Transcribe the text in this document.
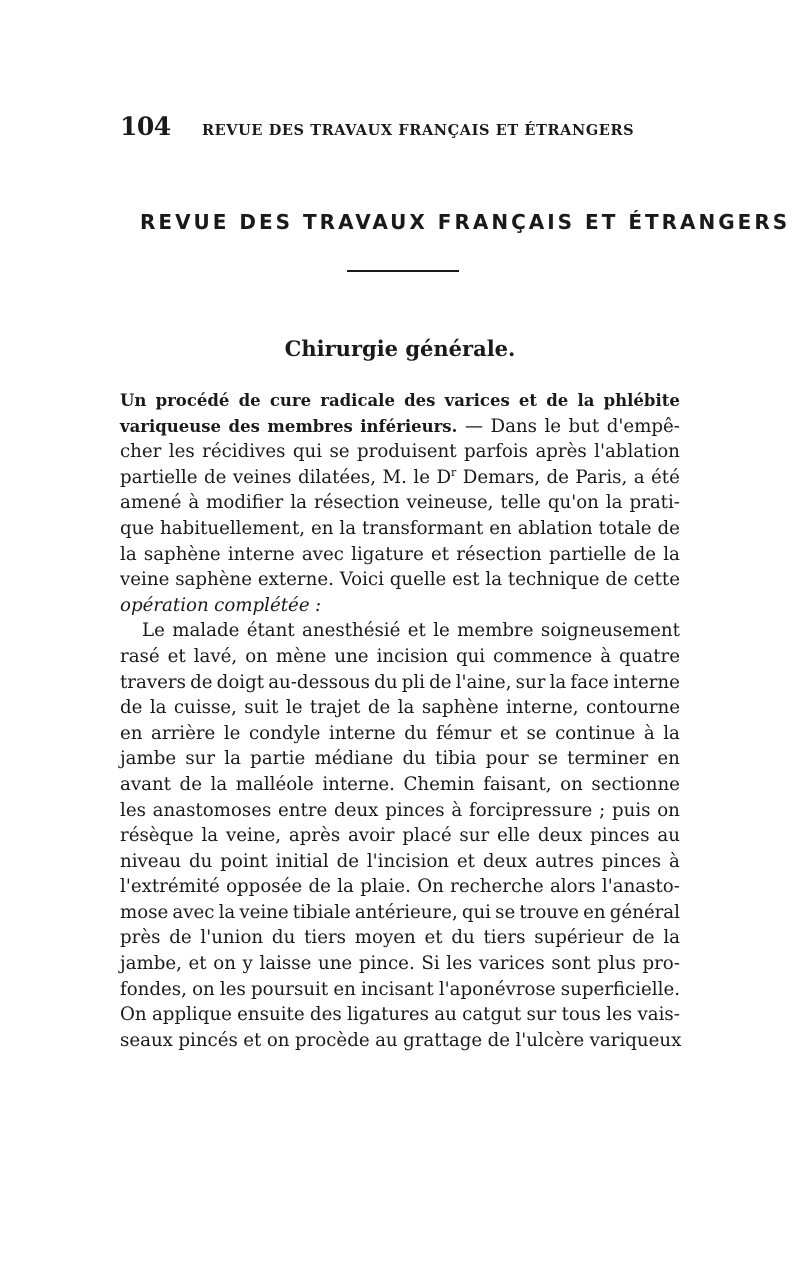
104 REVUE DES TRAVAUX FRANÇAIS ET ÉTRANGERS
REVUE DES TRAVAUX FRANÇAIS ET ÉTRANGERS
Chirurgie générale.
Un procédé de cure radicale des varices et de la phlébite
variqueuse des membres inférieurs. — Dans le but d'empê-
cher les récidives qui se produisent parfois après l'ablation
partielle de veines dilatées, M. le $D^r$ Demars, de Paris, a été
amené à modifier la résection veineuse, telle qu'on la prati-
que habituellement, en la transformant en ablation totale de
la saphène interne avec ligature et résection partielle de la
veine saphène externe. Voici quelle est la technique de cette
opération complétée :
Le malade étant anesthésié et le membre soigneusement
rasé et lavé, on mène une incision qui commence à quatre
travers de doigt au-dessous du pli de l'aine, sur la face interne
de la cuisse, suit le trajet de la saphène interne, contourne
en arrière le condyle interne du fémur et se continue à la
jambe sur la partie médiane du tibia pour se terminer en
avant de la malléole interne. Chemin faisant, on sectionne
les anastomoses entre deux pinces à forcipressure ; puis on
résèque la veine, après avoir placé sur elle deux pinces au
niveau du point initial de l'incision et deux autres pinces à
l'extrémité opposée de la plaie. On recherche alors l'anasto-
mose avec la veine tibiale antérieure, qui se trouve en général
près de l'union du tiers moyen et du tiers supérieur de la
jambe, et on y laisse une pince. Si les varices sont plus pro-
fondes, on les poursuit en incisant l'aponévrose superficielle.
On applique ensuite des ligatures au catgut sur tous les vais-
seaux pincés et on procède au grattage de l'ulcère variqueux
